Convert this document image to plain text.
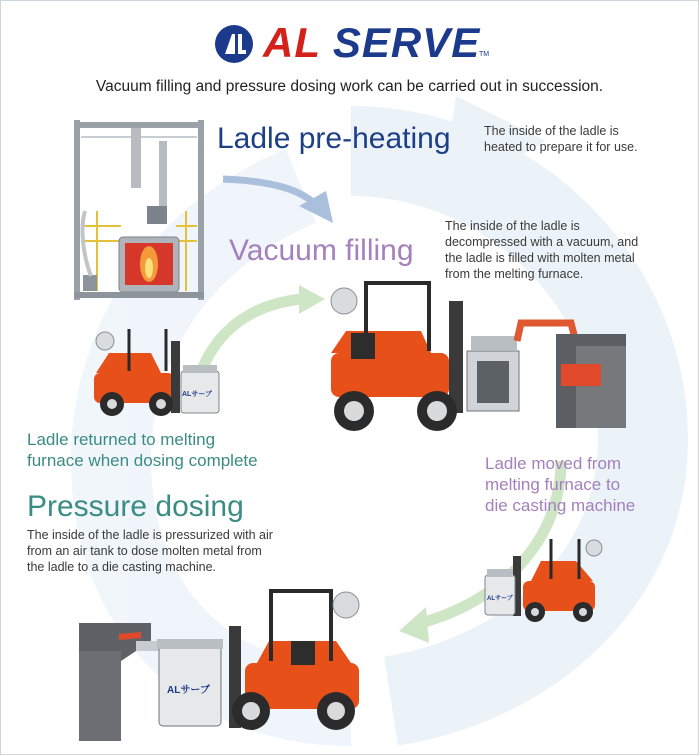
AL SERVE
TM
Vacuum filling and pressure dosing work can be carried out in succession.
Ladle pre-heating	The inside of the ladle is
heated to prepare it for use.
Vacuum filling
The inside of the ladle is
decompressed with a vacuum, and
the ladle is filled with molten metal
from the melting furnace.
Ladle returned to melting
furnace when dosing complete	Ladle moved from
melting furnace to
die casting machine
Pressure dosing
The inside of the ladle is pressurized with air
from an air tank to dose molten metal from
the ladle to a die casting machine.
ALサーブ
ALサーブ
ALサーブ
